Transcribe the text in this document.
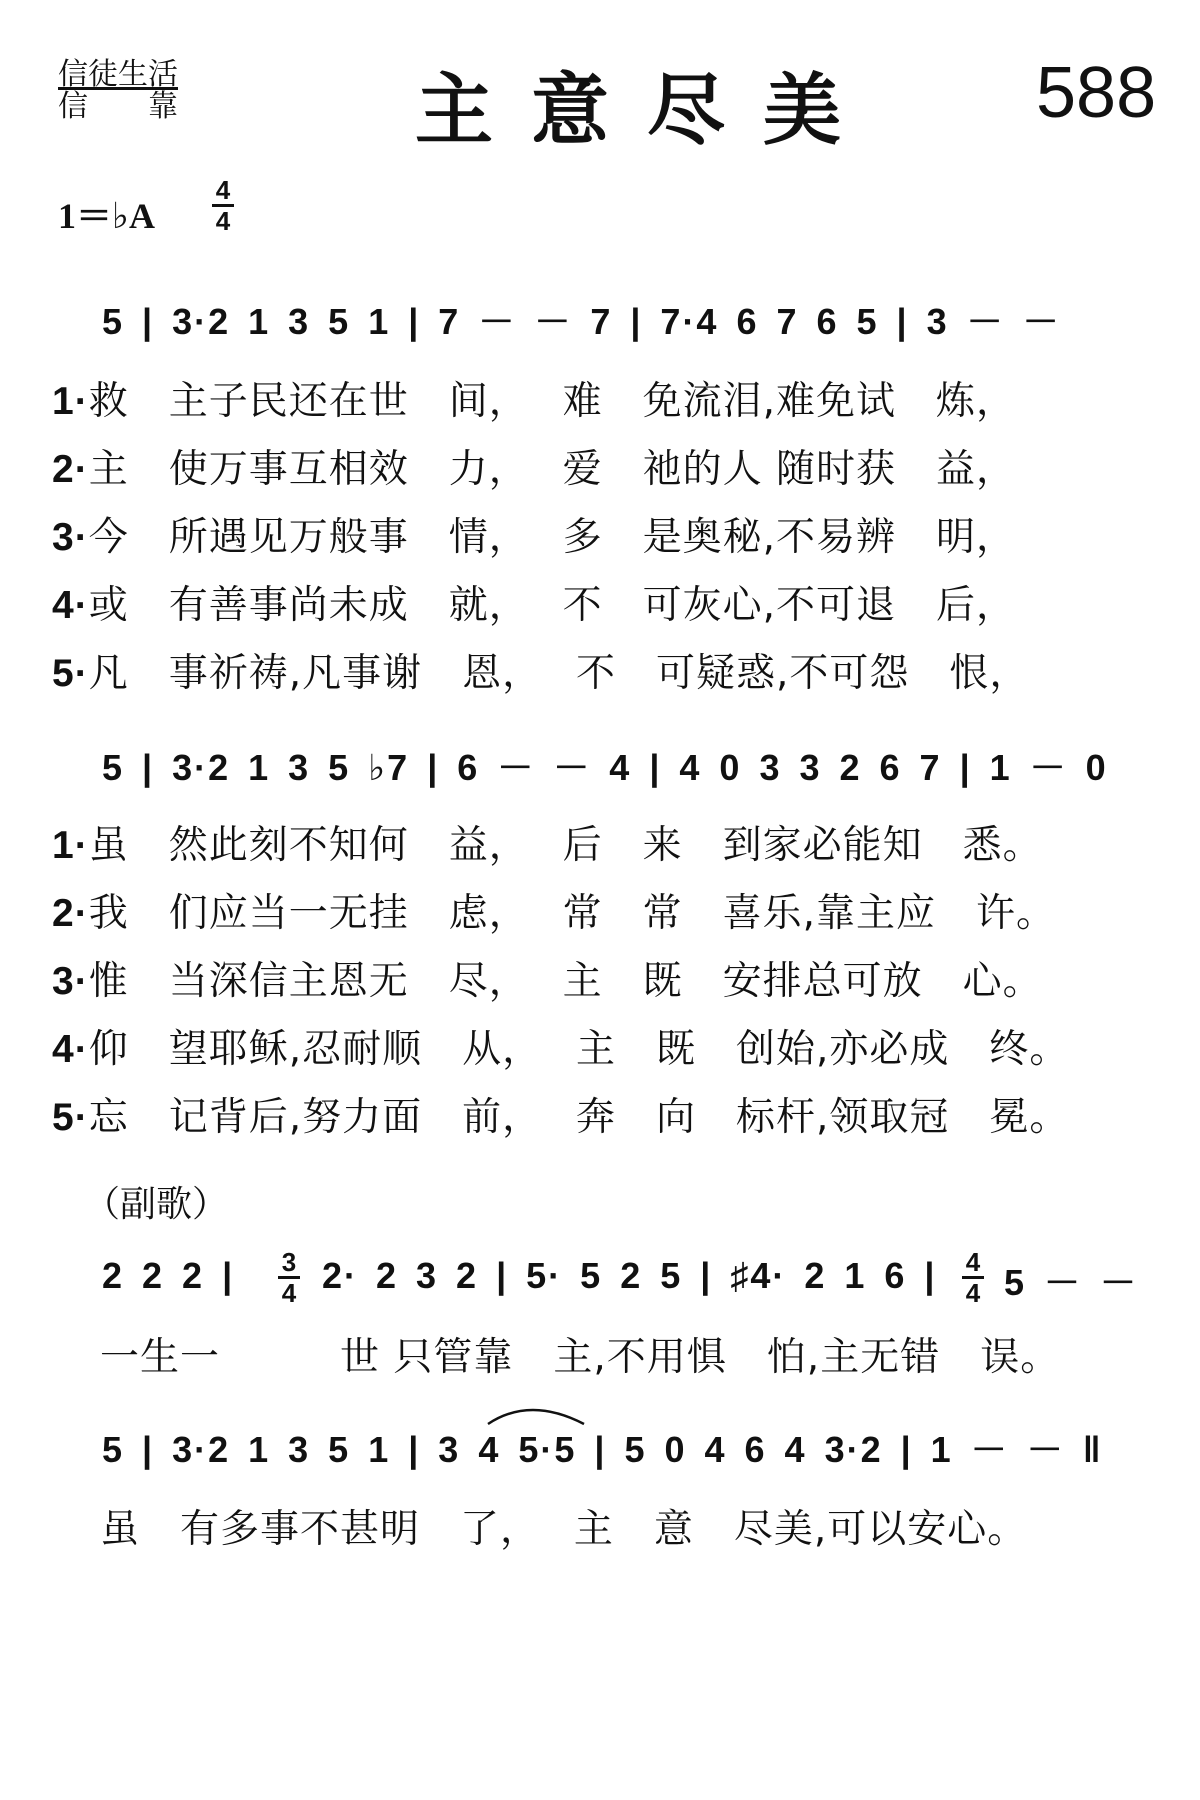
信徒生活
信　　靠	主意尽美 588
1＝♭A
4
4
5 | 3·2 1 3 5 1 | 7 － － 7 | 7·4 6 7 6 5 | 3 － －
1·救　主子民还在世　间，　 难　免流泪,难免试　炼，
2·主　使万事互相效　力，　 爱　祂的人 随时获　益，
3·今　所遇见万般事　情，　 多　是奥秘,不易辨　明，
4·或　有善事尚未成　就，　 不　可灰心,不可退　后，
5·凡　事祈祷,凡事谢　恩，　 不　可疑惑,不可怨　恨，
5 | 3·2 1 3 5 ♭7 | 6 － － 4 | 4 0 3 3 2 6 7 | 1 － 0
1·虽　然此刻不知何　益，　 后　来　到家必能知　悉。
2·我　们应当一无挂　虑，　 常　常　喜乐,靠主应　许。
3·惟　当深信主恩无　尽，　 主　既　安排总可放　心。
4·仰　望耶稣,忍耐顺　从，　 主　既　创始,亦必成　终。
5·忘　记背后,努力面　前，　 奔　向　标杆,领取冠　冕。
（副歌）
2 2 2 | 3
4 2· 2 3 2 | 5· 5 2 5 | ♯4· 2 1 6 | 4
4 5 － －
一生一　　　世 只管靠　主,不用惧　怕,主无错　误。
5 | 3·2 1 3 5 1 | 3 4 5·5 | 5 0 4 6 4 3·2 | 1 － － ‖
虽　有多事不甚明　了，　 主　意　尽美,可以安心。
